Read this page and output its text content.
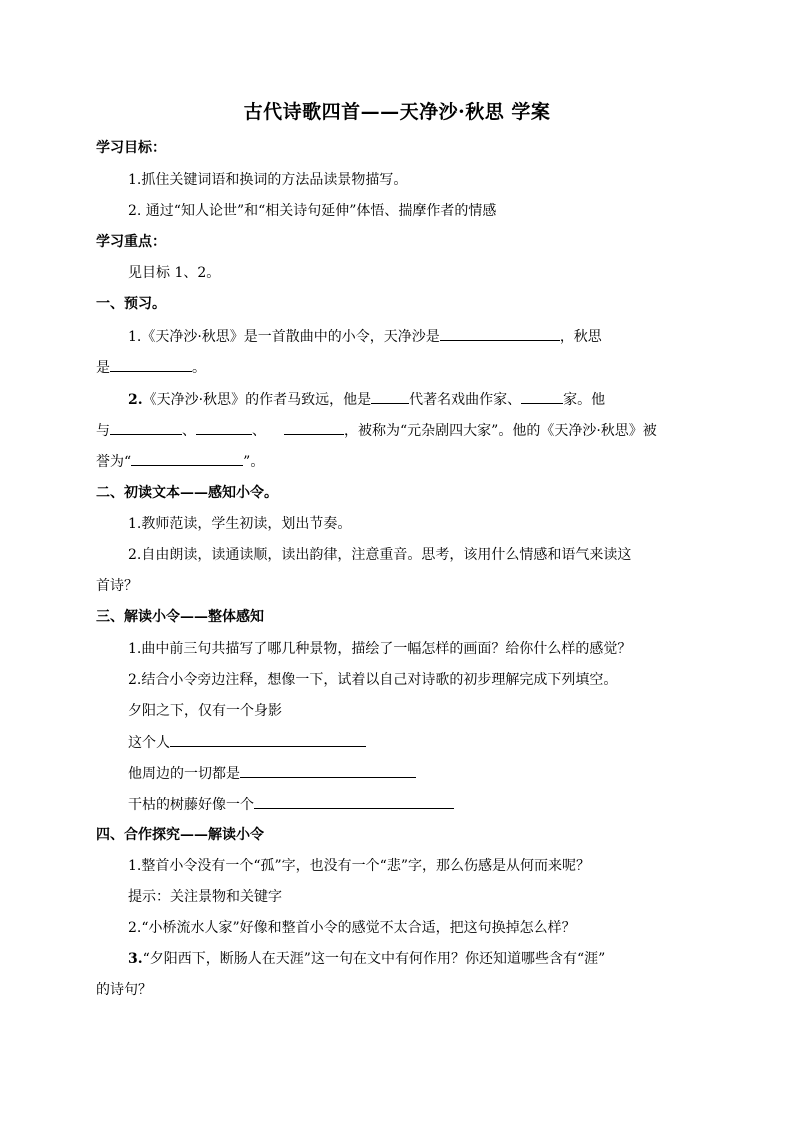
古代诗歌四首——天净沙·秋思 学案
学习目标：
1.抓住关键词语和换词的方法品读景物描写。
2. 通过“知人论世”和“相关诗句延伸”体悟、揣摩作者的情感
学习重点：
见目标 1、2。
一、预习。
1.《天净沙·秋思》是一首散曲中的小令，天净沙是	，秋思
是	。
2.《天净沙·秋思》的作者马致远，他是	代著名戏曲作家、	家。他
与	、	、	，被称为“元杂剧四大家”。他的《天净沙·秋思》被
誉为“	”。
二、初读文本——感知小令。
1.教师范读，学生初读，划出节奏。
2.自由朗读，读通读顺，读出韵律，注意重音。思考，该用什么情感和语气来读这
首诗？
三、解读小令——整体感知
1.曲中前三句共描写了哪几种景物，描绘了一幅怎样的画面？给你什么样的感觉？
2.结合小令旁边注释，想像一下，试着以自己对诗歌的初步理解完成下列填空。
夕阳之下，仅有一个身影
这个人
他周边的一切都是
干枯的树藤好像一个
四、合作探究——解读小令
1.整首小令没有一个“孤”字，也没有一个“悲”字，那么伤感是从何而来呢？
提示：关注景物和关键字
2.“小桥流水人家”好像和整首小令的感觉不太合适，把这句换掉怎么样？
3.“夕阳西下，断肠人在天涯”这一句在文中有何作用？你还知道哪些含有“涯”
的诗句？
